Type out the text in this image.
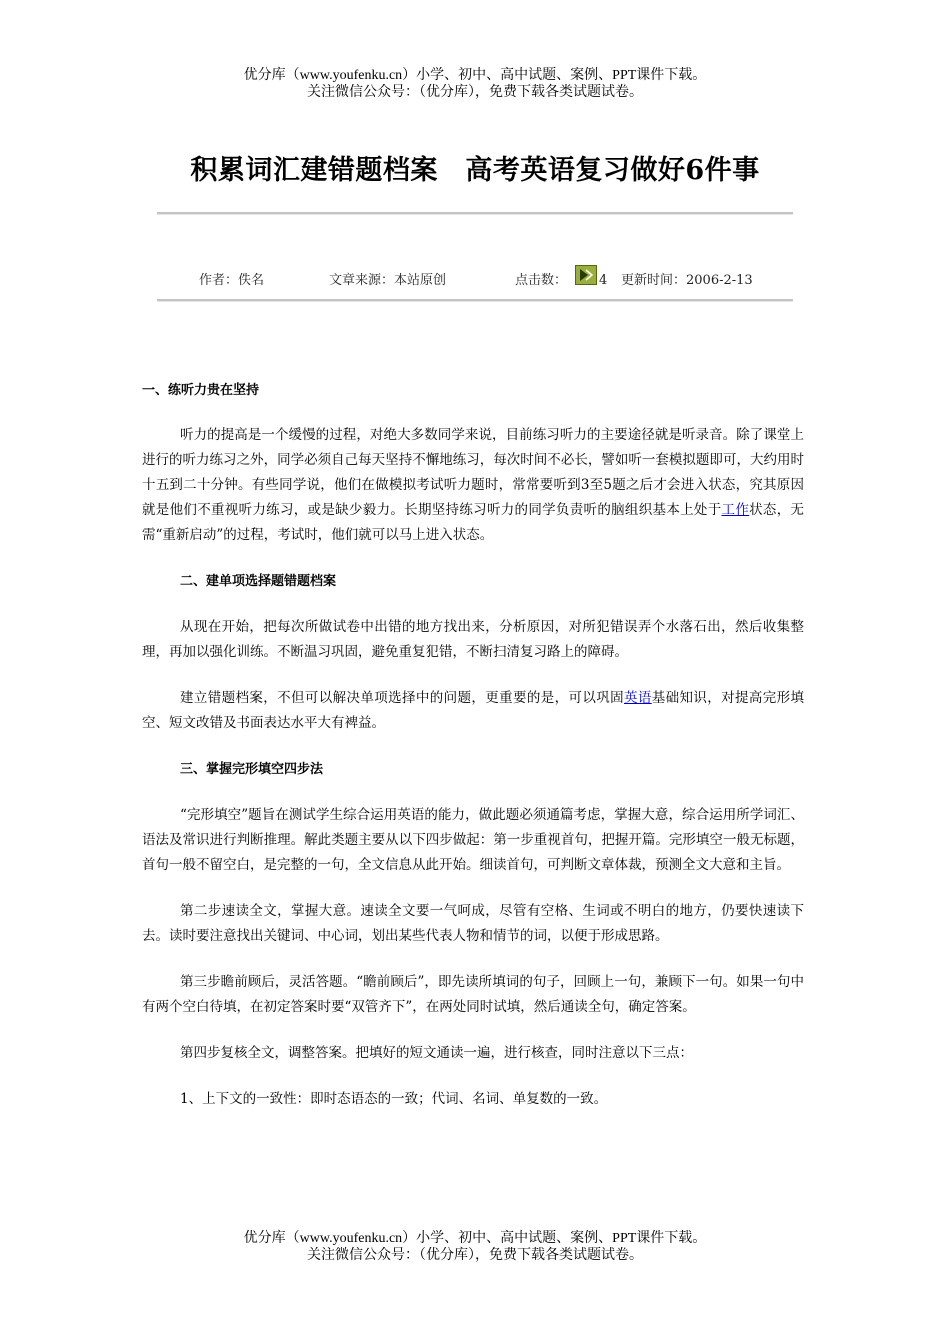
优分库（www.youfenku.cn）小学、初中、高中试题、案例、PPT课件下载。
关注微信公众号：（优分库），免费下载各类试题试卷。
积累词汇建错题档案　高考英语复习做好6件事
作者：佚名	文章来源：本站原创	点击数： 4 更新时间：2006-2-13

一、练听力贵在坚持

听力的提高是一个缓慢的过程，对绝大多数同学来说，目前练习听力的主要途径就是听录音。除了课堂上进行的听力练习之外，同学必须自己每天坚持不懈地练习，每次时间不必长，譬如听一套模拟题即可，大约用时十五到二十分钟。有些同学说，他们在做模拟考试听力题时，常常要听到3至5题之后才会进入状态，究其原因就是他们不重视听力练习，或是缺少毅力。长期坚持练习听力的同学负责听的脑组织基本上处于工作状态，无需“重新启动”的过程，考试时，他们就可以马上进入状态。

二、建单项选择题错题档案

从现在开始，把每次所做试卷中出错的地方找出来，分析原因，对所犯错误弄个水落石出，然后收集整理，再加以强化训练。不断温习巩固，避免重复犯错，不断扫清复习路上的障碍。

建立错题档案，不但可以解决单项选择中的问题，更重要的是，可以巩固英语基础知识，对提高完形填空、短文改错及书面表达水平大有裨益。

三、掌握完形填空四步法

“完形填空”题旨在测试学生综合运用英语的能力，做此题必须通篇考虑，掌握大意，综合运用所学词汇、语法及常识进行判断推理。解此类题主要从以下四步做起：第一步重视首句，把握开篇。完形填空一般无标题，首句一般不留空白，是完整的一句，全文信息从此开始。细读首句，可判断文章体裁，预测全文大意和主旨。

第二步速读全文，掌握大意。速读全文要一气呵成，尽管有空格、生词或不明白的地方，仍要快速读下去。读时要注意找出关键词、中心词，划出某些代表人物和情节的词，以便于形成思路。

第三步瞻前顾后，灵活答题。“瞻前顾后”，即先读所填词的句子，回顾上一句，兼顾下一句。如果一句中有两个空白待填，在初定答案时要“双管齐下”，在两处同时试填，然后通读全句，确定答案。

第四步复核全文，调整答案。把填好的短文通读一遍，进行核查，同时注意以下三点：

1、上下文的一致性：即时态语态的一致；代词、名词、单复数的一致。

优分库（www.youfenku.cn）小学、初中、高中试题、案例、PPT课件下载。
关注微信公众号：（优分库），免费下载各类试题试卷。
